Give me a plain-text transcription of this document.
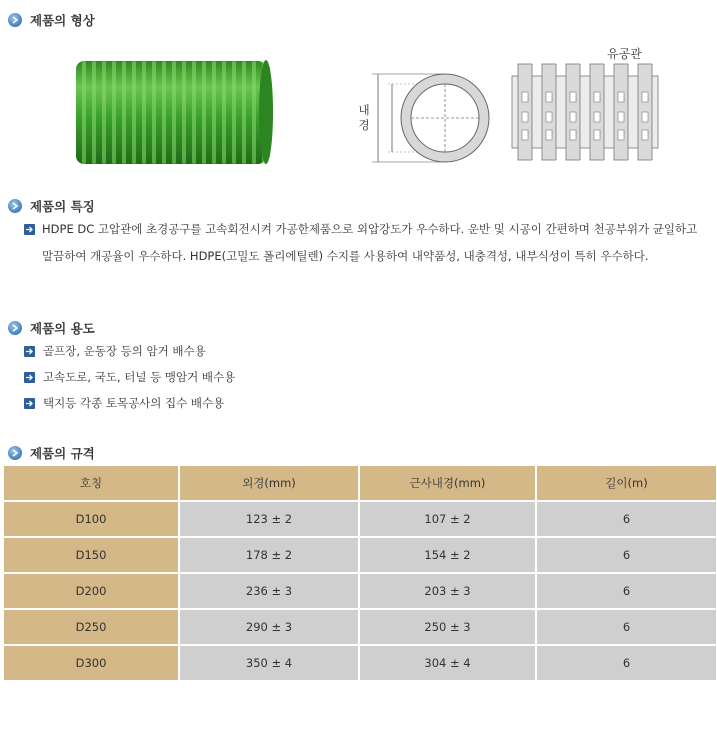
제품의 형상
내경
유공관
제품의 특징
HDPE DC 고압관에 초경공구를 고속회전시켜 가공한제품으로 외압강도가 우수하다. 운반 및 시공이 간편하며 천공부위가 균일하고 말끔하여 개공율이 우수하다. HDPE(고밀도 폴리에틸렌) 수지를 사용하여 내약품성, 내충격성, 내부식성이 특히 우수하다.
제품의 용도
골프장, 운동장 등의 암거 배수용
고속도로, 국도, 터널 등 맹암거 배수용
택지등 각종 토목공사의 집수 배수용
제품의 규격
호칭	외경(mm)	근사내경(mm)	길이(m)
D100	123 ± 2	107 ± 2	6
D150	178 ± 2	154 ± 2	6
D200	236 ± 3	203 ± 3	6
D250	290 ± 3	250 ± 3	6
D300	350 ± 4	304 ± 4	6
